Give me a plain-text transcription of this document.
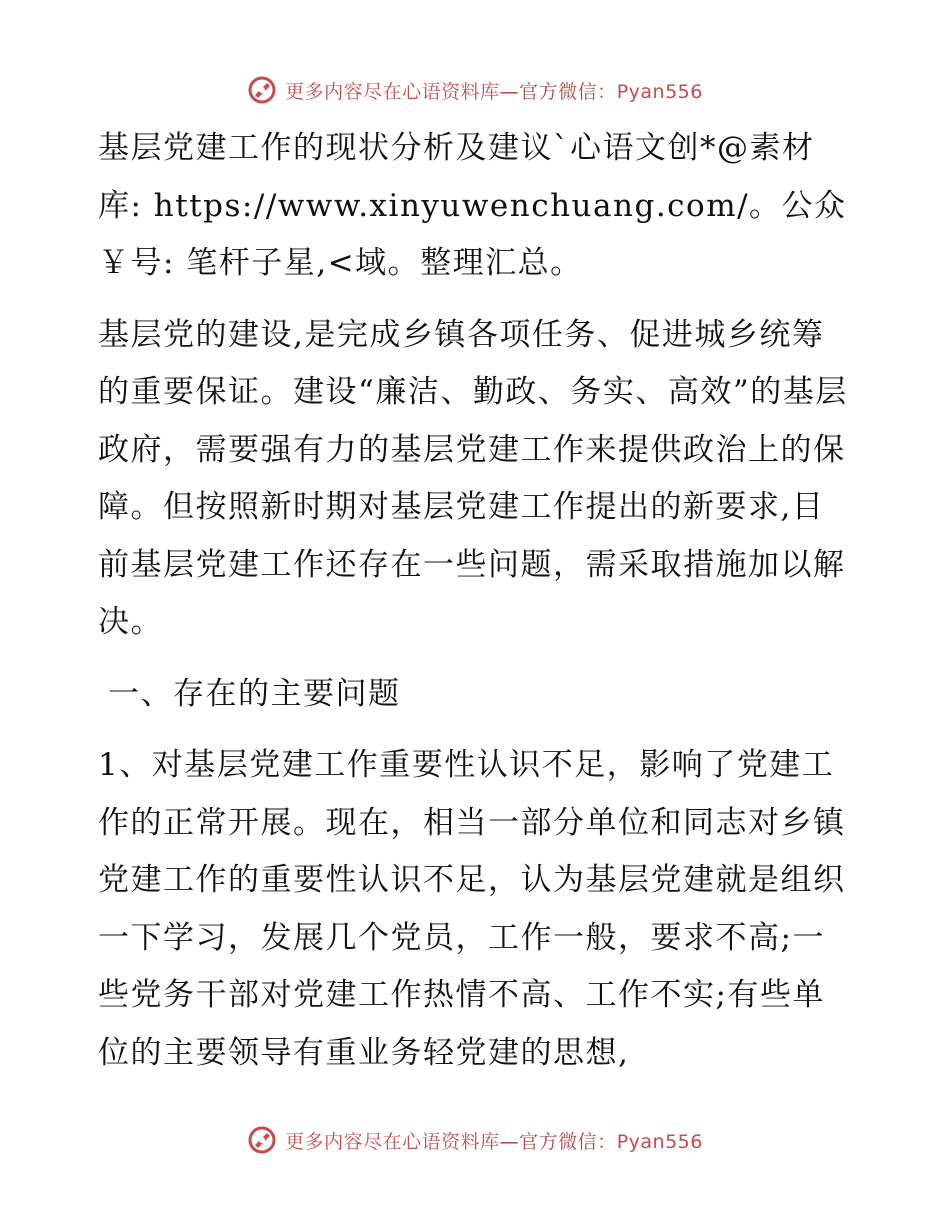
更多内容尽在心语资料库—官方微信：Pyan556

基层党建工作的现状分析及建议`心语文创*@素材库: https://www.xinyuwenchuang.com/。公众￥号: 笔杆子星,<域。整理汇总。

基层党的建设,是完成乡镇各项任务、促进城乡统筹的重要保证。建设“廉洁、勤政、务实、高效”的基层政府，需要强有力的基层党建工作来提供政治上的保障。但按照新时期对基层党建工作提出的新要求,目前基层党建工作还存在一些问题，需采取措施加以解决。

一、存在的主要问题

1、对基层党建工作重要性认识不足，影响了党建工作的正常开展。现在，相当一部分单位和同志对乡镇党建工作的重要性认识不足，认为基层党建就是组织一下学习，发展几个党员，工作一般，要求不高;一些党务干部对党建工作热情不高、工作不实;有些单位的主要领导有重业务轻党建的思想,

更多内容尽在心语资料库—官方微信：Pyan556
